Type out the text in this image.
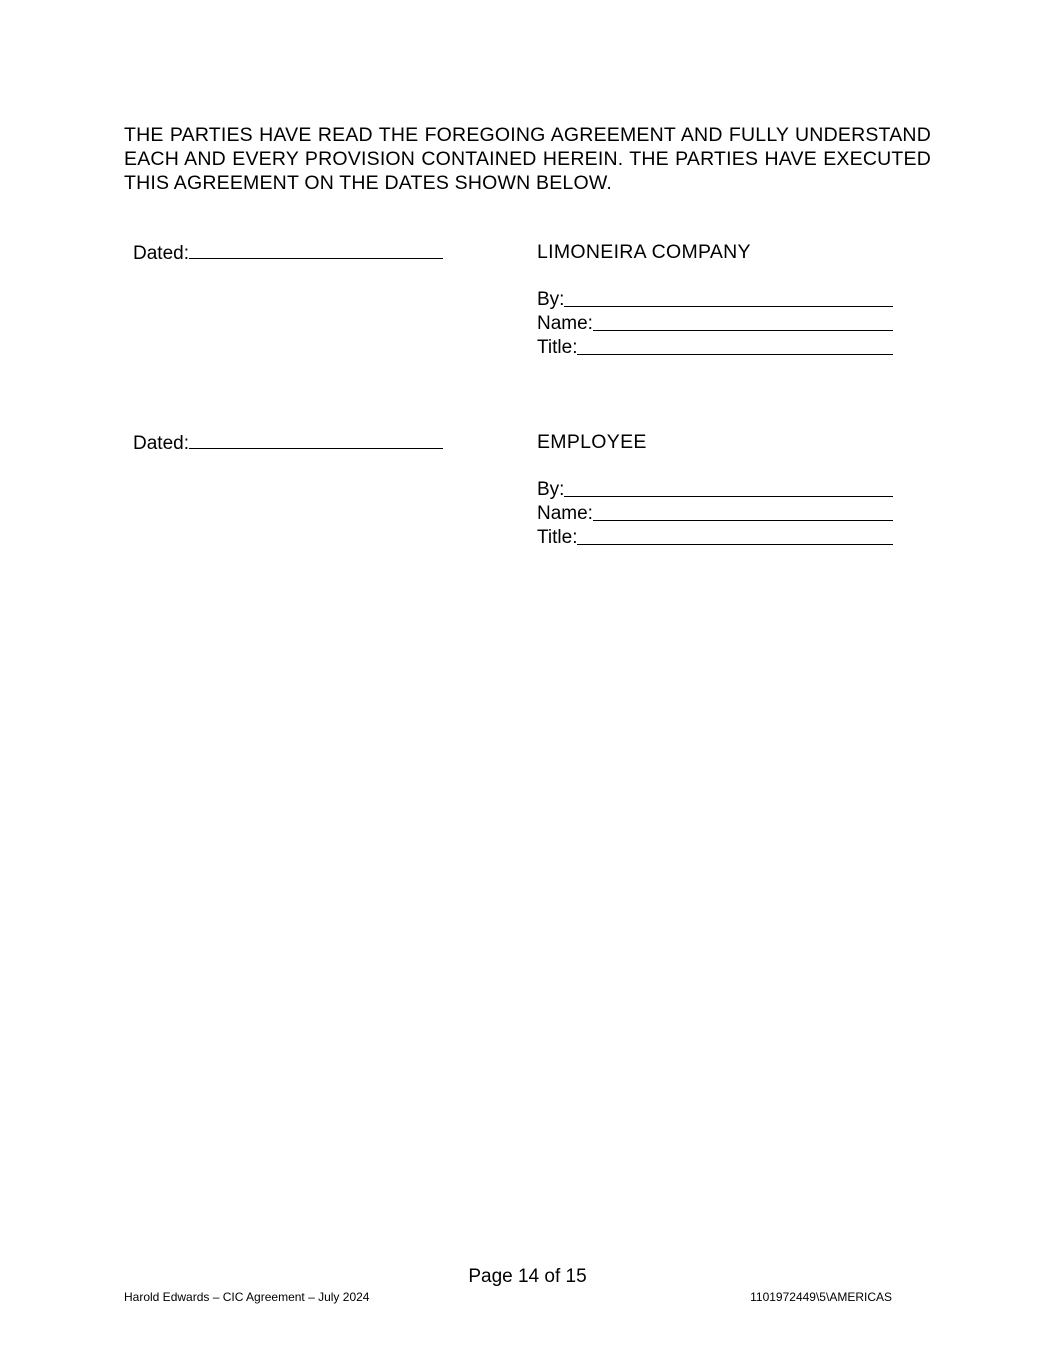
THE PARTIES HAVE READ THE FOREGOING AGREEMENT AND FULLY UNDERSTAND EACH AND EVERY PROVISION CONTAINED HEREIN. THE PARTIES HAVE EXECUTED THIS AGREEMENT ON THE DATES SHOWN BELOW.

Dated:	LIMONEIRA COMPANY
By:
Name:
Title:
Dated:	EMPLOYEE
By:
Name:
Title:
Page 14 of 15
Harold Edwards – CIC Agreement – July 2024	1101972449\5\AMERICAS
